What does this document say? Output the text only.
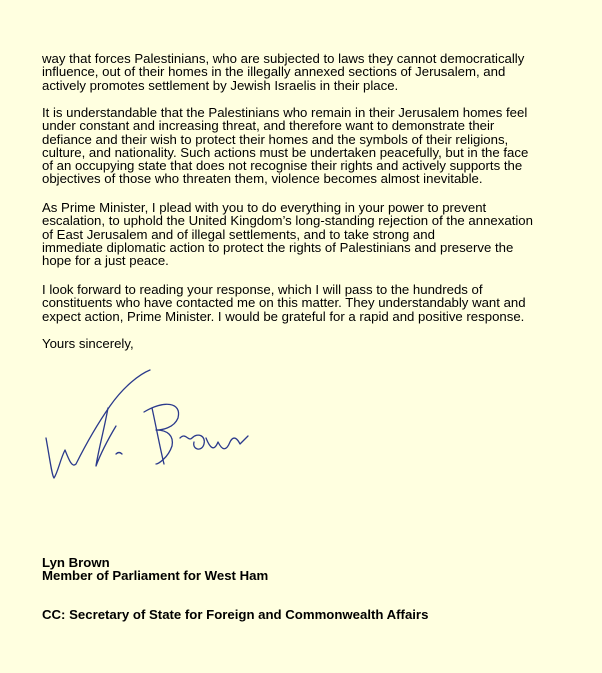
way that forces Palestinians, who are subjected to laws they cannot democratically
influence, out of their homes in the illegally annexed sections of Jerusalem, and
actively promotes settlement by Jewish Israelis in their place.

It is understandable that the Palestinians who remain in their Jerusalem homes feel
under constant and increasing threat, and therefore want to demonstrate their
defiance and their wish to protect their homes and the symbols of their religions,
culture, and nationality. Such actions must be undertaken peacefully, but in the face
of an occupying state that does not recognise their rights and actively supports the
objectives of those who threaten them, violence becomes almost inevitable.

As Prime Minister, I plead with you to do everything in your power to prevent
escalation, to uphold the United Kingdom’s long-standing rejection of the annexation
of East Jerusalem and of illegal settlements, and to take strong and
immediate diplomatic action to protect the rights of Palestinians and preserve the
hope for a just peace.

I look forward to reading your response, which I will pass to the hundreds of
constituents who have contacted me on this matter. They understandably want and
expect action, Prime Minister. I would be grateful for a rapid and positive response.

Yours sincerely,

Lyn Brown
Member of Parliament for West Ham
CC: Secretary of State for Foreign and Commonwealth Affairs
